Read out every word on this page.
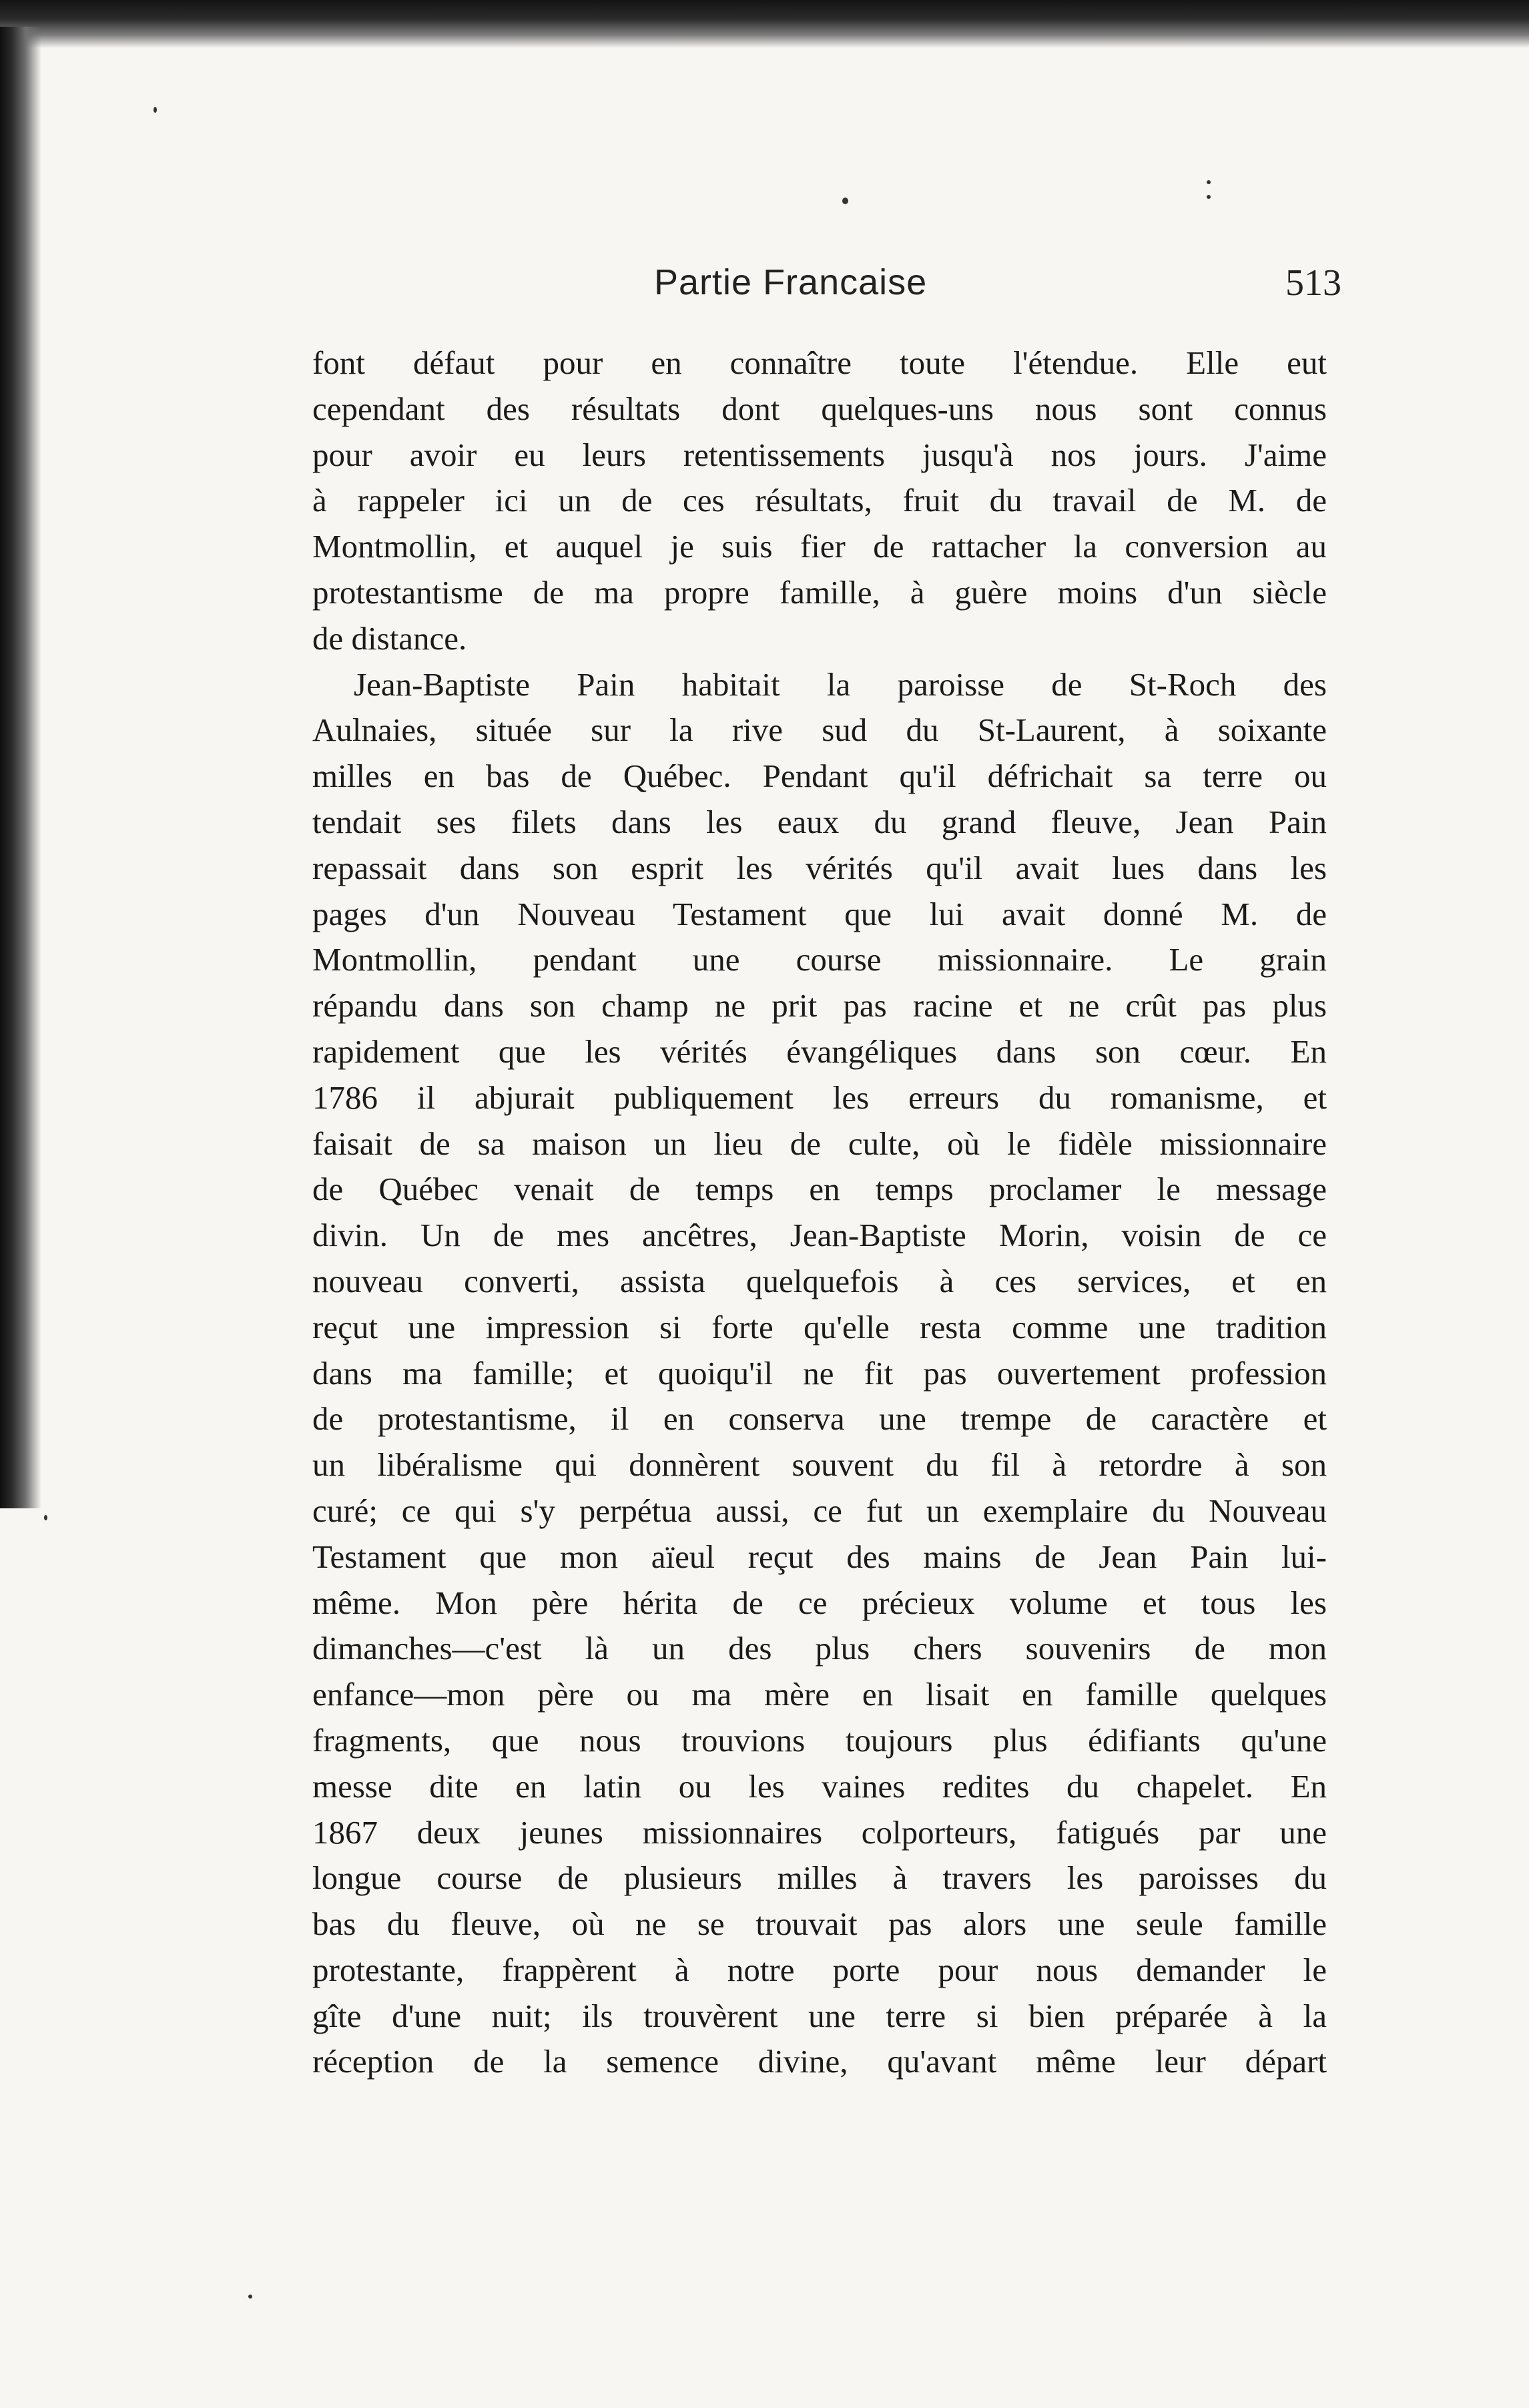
Partie Francaise	513
font défaut pour en connaître toute l'étendue. Elle eut
cependant des résultats dont quelques-uns nous sont connus
pour avoir eu leurs retentissements jusqu'à nos jours. J'aime
à rappeler ici un de ces résultats, fruit du travail de M. de
Montmollin, et auquel je suis fier de rattacher la conversion au
protestantisme de ma propre famille, à guère moins d'un siècle
de distance.
Jean-Baptiste Pain habitait la paroisse de St-Roch des
Aulnaies, située sur la rive sud du St-Laurent, à soixante
milles en bas de Québec. Pendant qu'il défrichait sa terre ou
tendait ses filets dans les eaux du grand fleuve, Jean Pain
repassait dans son esprit les vérités qu'il avait lues dans les
pages d'un Nouveau Testament que lui avait donné M. de
Montmollin, pendant une course missionnaire. Le grain
répandu dans son champ ne prit pas racine et ne crût pas plus
rapidement que les vérités évangéliques dans son cœur. En
1786 il abjurait publiquement les erreurs du romanisme, et
faisait de sa maison un lieu de culte, où le fidèle missionnaire
de Québec venait de temps en temps proclamer le message
divin. Un de mes ancêtres, Jean-Baptiste Morin, voisin de ce
nouveau converti, assista quelquefois à ces services, et en
reçut une impression si forte qu'elle resta comme une tradition
dans ma famille; et quoiqu'il ne fit pas ouvertement profession
de protestantisme, il en conserva une trempe de caractère et
un libéralisme qui donnèrent souvent du fil à retordre à son
curé; ce qui s'y perpétua aussi, ce fut un exemplaire du Nouveau
Testament que mon aïeul reçut des mains de Jean Pain lui-
même. Mon père hérita de ce précieux volume et tous les
dimanches—c'est là un des plus chers souvenirs de mon
enfance—mon père ou ma mère en lisait en famille quelques
fragments, que nous trouvions toujours plus édifiants qu'une
messe dite en latin ou les vaines redites du chapelet. En
1867 deux jeunes missionnaires colporteurs, fatigués par une
longue course de plusieurs milles à travers les paroisses du
bas du fleuve, où ne se trouvait pas alors une seule famille
protestante, frappèrent à notre porte pour nous demander le
gîte d'une nuit; ils trouvèrent une terre si bien préparée à la
réception de la semence divine, qu'avant même leur départ
